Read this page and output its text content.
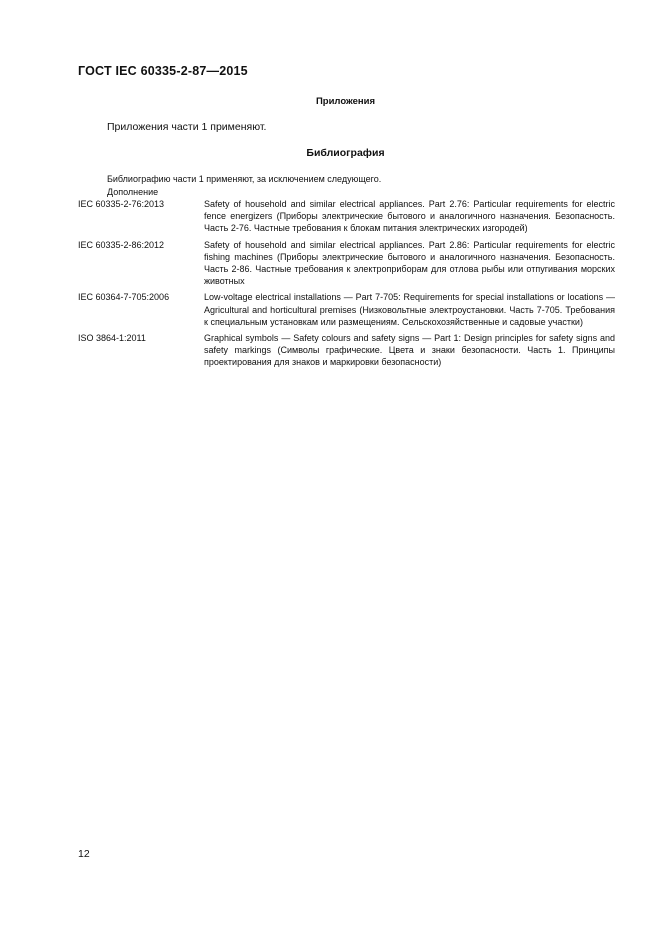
ГОСТ IEC 60335-2-87—2015
Приложения
Приложения части 1 применяют.
Библиография
Библиографию части 1 применяют, за исключением следующего.
Дополнение
IEC 60335-2-76:2013	Safety of household and similar electrical appliances. Part 2.76: Particular requirements for electric fence energizers (Приборы электрические бытового и аналогичного назначения. Безопасность. Часть 2-76. Частные требования к блокам питания электрических изгородей)
IEC 60335-2-86:2012	Safety of household and similar electrical appliances. Part 2.86: Particular requirements for electric fishing machines (Приборы электрические бытового и аналогичного назначения. Безопасность. Часть 2-86. Частные требования к электроприборам для отлова рыбы или отпугивания морских животных
IEC 60364-7-705:2006	Low-voltage electrical installations — Part 7-705: Requirements for special installations or locations — Agricultural and horticultural premises (Низковольтные электроустановки. Часть 7-705. Требования к специальным установкам или размещениям. Сельскохозяйственные и садовые участки)
ISO 3864-1:2011	Graphical symbols — Safety colours and safety signs — Part 1: Design principles for safety signs and safety markings (Символы графические. Цвета и знаки безопасности. Часть 1. Принципы проектирования для знаков и маркировки безопасности)
12
